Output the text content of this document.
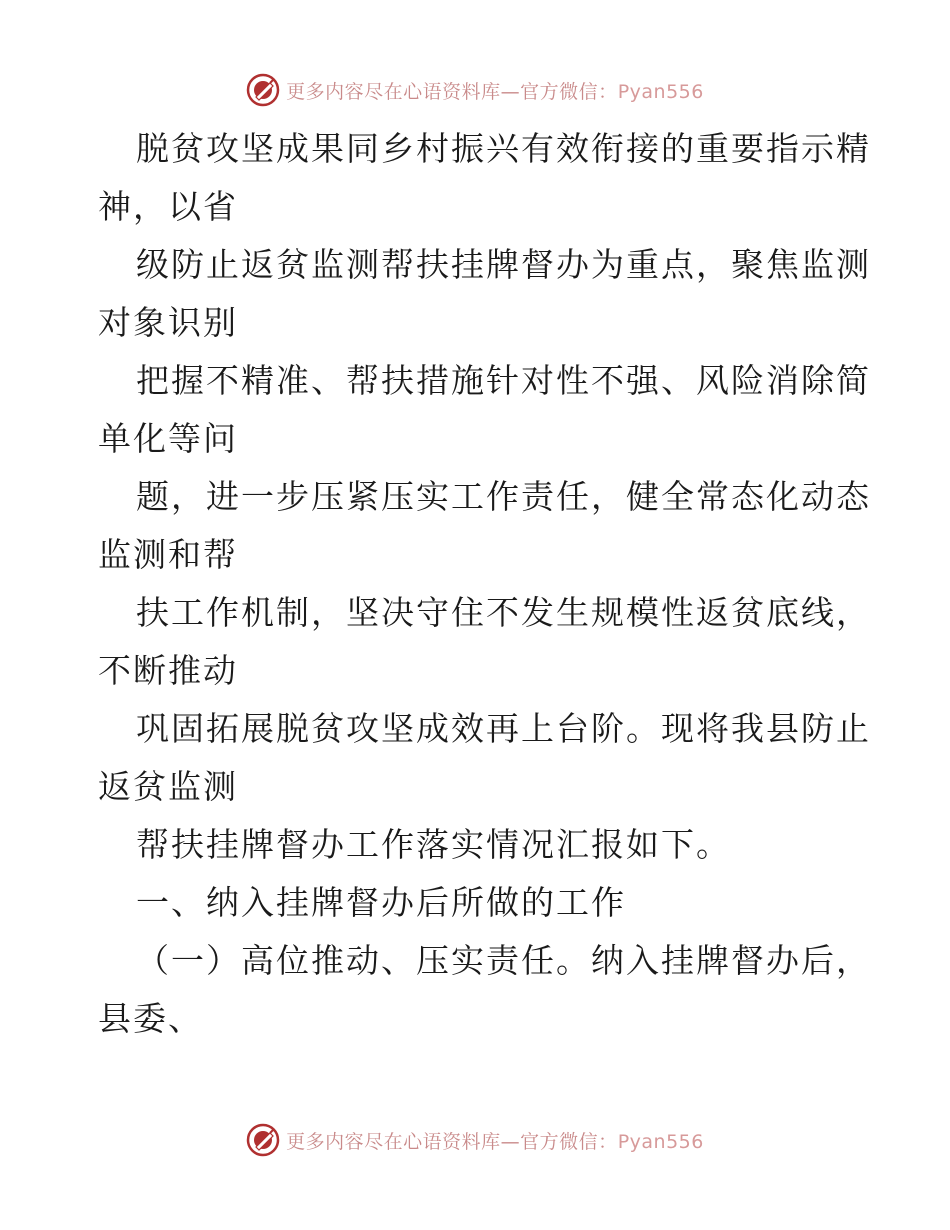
更多内容尽在心语资料库—官方微信：Pyan556
脱贫攻坚成果同乡村振兴有效衔接的重要指示精
神，以省
级防止返贫监测帮扶挂牌督办为重点，聚焦监测
对象识别
把握不精准、帮扶措施针对性不强、风险消除简
单化等问
题，进一步压紧压实工作责任，健全常态化动态
监测和帮
扶工作机制，坚决守住不发生规模性返贫底线，
不断推动
巩固拓展脱贫攻坚成效再上台阶。现将我县防止
返贫监测
帮扶挂牌督办工作落实情况汇报如下。
一、纳入挂牌督办后所做的工作
（一）高位推动、压实责任。纳入挂牌督办后，
县委、
更多内容尽在心语资料库—官方微信：Pyan556
